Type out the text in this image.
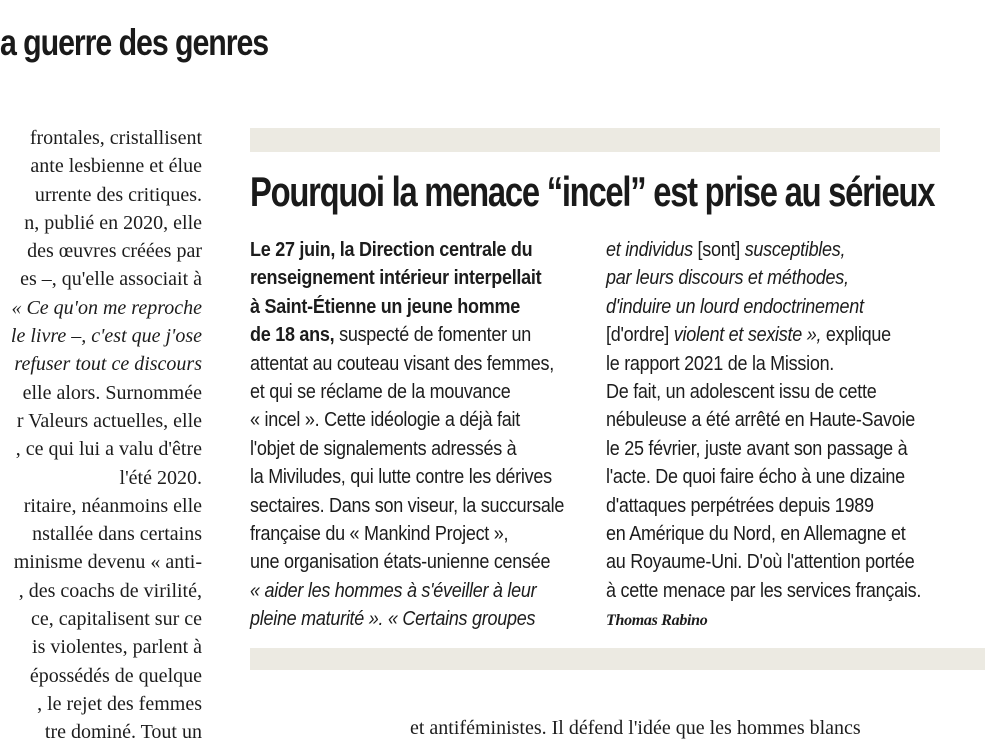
a guerre des genres
frontales, cristallisent
ante lesbienne et élue
urrente des critiques.
n, publié en 2020, elle
des œuvres créées par
es –, qu'elle associait à
« Ce qu'on me reproche
le livre –, c'est que j'ose
refuser tout ce discours
elle alors. Surnommée
r Valeurs actuelles, elle
, ce qui lui a valu d'être
l'été 2020.
ritaire, néanmoins elle
nstallée dans certains
minisme devenu « anti-
, des coachs de virilité,
ce, capitalisent sur ce
is violentes, parlent à
épossédés de quelque
, le rejet des femmes
tre dominé. Tout un
Pourquoi la menace “incel” est prise au sérieux
Le 27 juin, la Direction centrale du
renseignement intérieur interpellait
à Saint-Étienne un jeune homme
de 18 ans, suspecté de fomenter un
attentat au couteau visant des femmes,
et qui se réclame de la mouvance
« incel ». Cette idéologie a déjà fait
l'objet de signalements adressés à
la Miviludes, qui lutte contre les dérives
sectaires. Dans son viseur, la succursale
française du « Mankind Project »,
une organisation états-unienne censée
« aider les hommes à s'éveiller à leur
pleine maturité ». « Certains groupes
et individus [sont] susceptibles,
par leurs discours et méthodes,
d'induire un lourd endoctrinement
[d'ordre] violent et sexiste », explique
le rapport 2021 de la Mission.
De fait, un adolescent issu de cette
nébuleuse a été arrêté en Haute-Savoie
le 25 février, juste avant son passage à
l'acte. De quoi faire écho à une dizaine
d'attaques perpétrées depuis 1989
en Amérique du Nord, en Allemagne et
au Royaume-Uni. D'où l'attention portée
à cette menace par les services français.
Thomas Rabino
et antiféministes. Il défend l'idée que les hommes blancs
